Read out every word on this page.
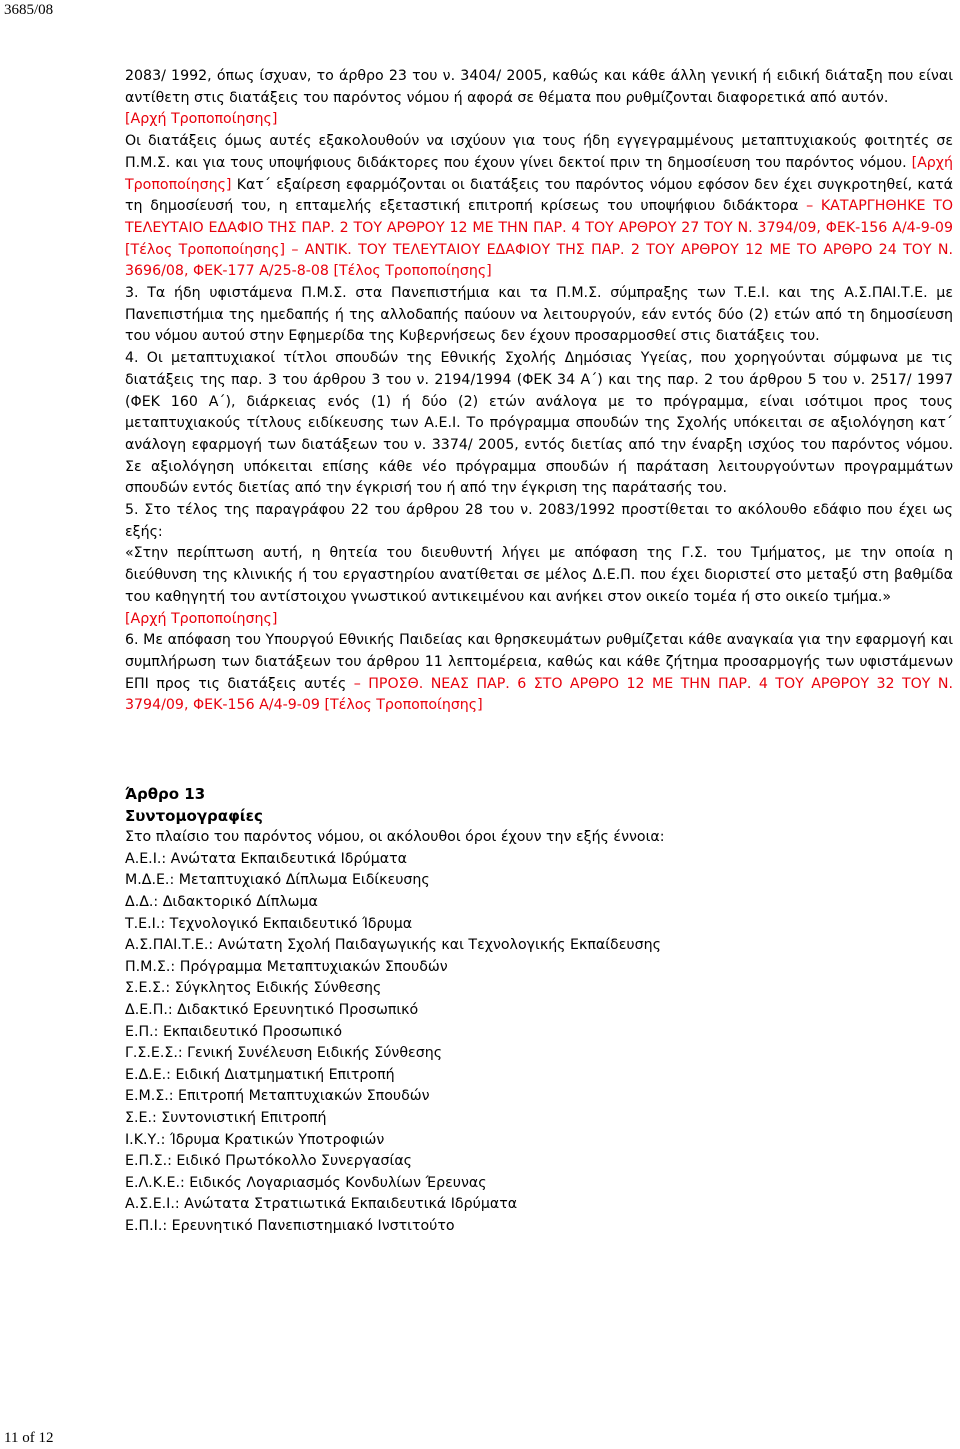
3685/08

2083/ 1992, όπως ίσχυαν, το άρθρο 23 του ν. 3404/ 2005, καθώς και κάθε άλλη γενική ή ειδική διάταξη που είναι αντίθετη στις διατάξεις του παρόντος νόμου ή αφορά σε θέματα που ρυθμίζονται διαφορετικά από αυτόν.

[Αρχή Τροποποίησης]

Οι διατάξεις όμως αυτές εξακολουθούν να ισχύουν για τους ήδη εγγεγραμμένους μεταπτυχιακούς φοιτητές σε Π.Μ.Σ. και για τους υποψήφιους διδάκτορες που έχουν γίνει δεκτοί πριν τη δημοσίευση του παρόντος νόμου. [Αρχή Τροποποίησης] Κατ΄ εξαίρεση εφαρμόζονται οι διατάξεις του παρόντος νόμου εφόσον δεν έχει συγκροτηθεί, κατά τη δημοσίευσή του, η επταμελής εξεταστική επιτροπή κρίσεως του υποψήφιου διδάκτορα – ΚΑΤΑΡΓΗΘΗΚΕ ΤΟ ΤΕΛΕΥΤΑΙΟ ΕΔΑΦΙΟ ΤΗΣ ΠΑΡ. 2 ΤΟΥ ΑΡΘΡΟΥ 12 ΜΕ ΤΗΝ ΠΑΡ. 4 ΤΟΥ ΑΡΘΡΟΥ 27 ΤΟΥ Ν. 3794/09, ΦΕΚ-156 Α/4-9-09 [Τέλος Τροποποίησης] – ΑΝΤΙΚ. ΤΟΥ ΤΕΛΕΥΤΑΙΟΥ ΕΔΑΦΙΟΥ ΤΗΣ ΠΑΡ. 2 ΤΟΥ ΑΡΘΡΟΥ 12 ΜΕ ΤΟ ΑΡΘΡΟ 24 ΤΟΥ Ν. 3696/08, ΦΕΚ-177 Α/25-8-08 [Τέλος Τροποποίησης]

3. Τα ήδη υφιστάμενα Π.Μ.Σ. στα Πανεπιστήμια και τα Π.Μ.Σ. σύμπραξης των Τ.Ε.Ι. και της Α.Σ.ΠΑΙ.Τ.Ε. με Πανεπιστήμια της ημεδαπής ή της αλλοδαπής παύουν να λειτουργούν, εάν εντός δύο (2) ετών από τη δημοσίευση του νόμου αυτού στην Εφημερίδα της Κυβερνήσεως δεν έχουν προσαρμοσθεί στις διατάξεις του.

4. Οι μεταπτυχιακοί τίτλοι σπουδών της Εθνικής Σχολής Δημόσιας Υγείας, που χορηγούνται σύμφωνα με τις διατάξεις της παρ. 3 του άρθρου 3 του ν. 2194/1994 (ΦΕΚ 34 Α΄) και της παρ. 2 του άρθρου 5 του ν. 2517/ 1997 (ΦΕΚ 160 Α΄), διάρκειας ενός (1) ή δύο (2) ετών ανάλογα με το πρόγραμμα, είναι ισότιμοι προς τους μεταπτυχιακούς τίτλους ειδίκευσης των Α.Ε.Ι. Το πρόγραμμα σπουδών της Σχολής υπόκειται σε αξιολόγηση κατ΄ ανάλογη εφαρμογή των διατάξεων του ν. 3374/ 2005, εντός διετίας από την έναρξη ισχύος του παρόντος νόμου. Σε αξιολόγηση υπόκειται επίσης κάθε νέο πρόγραμμα σπουδών ή παράταση λειτουργούντων προγραμμάτων σπουδών εντός διετίας από την έγκρισή του ή από την έγκριση της παράτασής του.

5. Στο τέλος της παραγράφου 22 του άρθρου 28 του ν. 2083/1992 προστίθεται το ακόλουθο εδάφιο που έχει ως εξής:

«Στην περίπτωση αυτή, η θητεία του διευθυντή λήγει με απόφαση της Γ.Σ. του Τμήματος, με την οποία η διεύθυνση της κλινικής ή του εργαστηρίου ανατίθεται σε μέλος Δ.Ε.Π. που έχει διοριστεί στο μεταξύ στη βαθμίδα του καθηγητή του αντίστοιχου γνωστικού αντικειμένου και ανήκει στον οικείο τομέα ή στο οικείο τμήμα.»

[Αρχή Τροποποίησης]

6. Με απόφαση του Υπουργού Εθνικής Παιδείας και θρησκευμάτων ρυθμίζεται κάθε αναγκαία για την εφαρμογή και συμπλήρωση των διατάξεων του άρθρου 11 λεπτομέρεια, καθώς και κάθε ζήτημα προσαρμογής των υφιστάμενων ΕΠΙ προς τις διατάξεις αυτές – ΠΡΟΣΘ. ΝΕΑΣ ΠΑΡ. 6 ΣΤΟ ΑΡΘΡΟ 12 ΜΕ ΤΗΝ ΠΑΡ. 4 ΤΟΥ ΑΡΘΡΟΥ 32 ΤΟΥ Ν. 3794/09, ΦΕΚ-156 Α/4-9-09 [Τέλος Τροποποίησης]

Άρθρο 13
Συντομογραφίες
Στο πλαίσιο του παρόντος νόμου, οι ακόλουθοι όροι έχουν την εξής έννοια:
Α.Ε.Ι.: Ανώτατα Εκπαιδευτικά Ιδρύματα
Μ.Δ.Ε.: Μεταπτυχιακό Δίπλωμα Ειδίκευσης
Δ.Δ.: Διδακτορικό Δίπλωμα
Τ.Ε.Ι.: Τεχνολογικό Εκπαιδευτικό Ίδρυμα
Α.Σ.ΠΑΙ.Τ.Ε.: Ανώτατη Σχολή Παιδαγωγικής και Τεχνολογικής Εκπαίδευσης
Π.Μ.Σ.: Πρόγραμμα Μεταπτυχιακών Σπουδών
Σ.Ε.Σ.: Σύγκλητος Ειδικής Σύνθεσης
Δ.Ε.Π.: Διδακτικό Ερευνητικό Προσωπικό
Ε.Π.: Εκπαιδευτικό Προσωπικό
Γ.Σ.Ε.Σ.: Γενική Συνέλευση Ειδικής Σύνθεσης
Ε.Δ.Ε.: Ειδική Διατμηματική Επιτροπή
Ε.Μ.Σ.: Επιτροπή Μεταπτυχιακών Σπουδών
Σ.Ε.: Συντονιστική Επιτροπή
Ι.Κ.Υ.: Ίδρυμα Κρατικών Υποτροφιών
Ε.Π.Σ.: Ειδικό Πρωτόκολλο Συνεργασίας
Ε.Λ.Κ.Ε.: Ειδικός Λογαριασμός Κονδυλίων Έρευνας
Α.Σ.Ε.Ι.: Ανώτατα Στρατιωτικά Εκπαιδευτικά Ιδρύματα
Ε.Π.Ι.: Ερευνητικό Πανεπιστημιακό Ινστιτούτο
11 of 12
